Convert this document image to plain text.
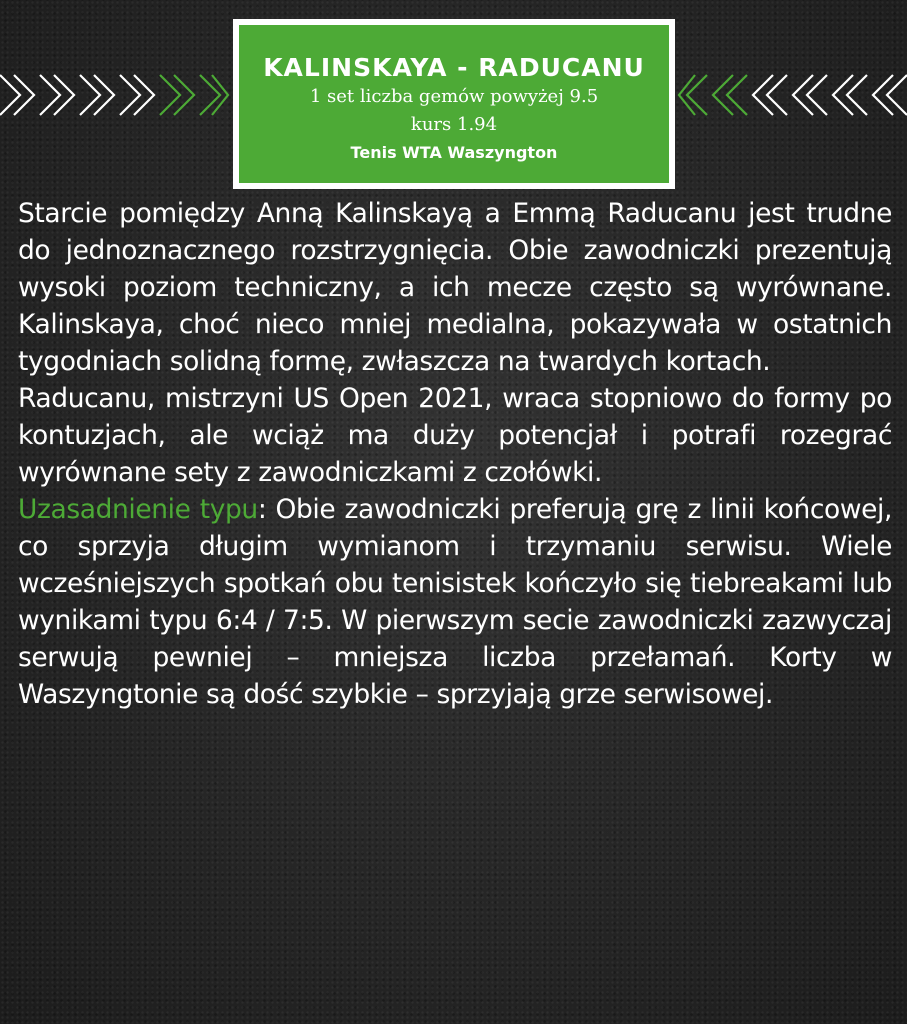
KALINSKAYA - RADUCANU
1 set liczba gemów powyżej 9.5
kurs 1.94
Tenis WTA Waszyngton

Starcie pomiędzy Anną Kalinskayą a Emmą Raducanu jest trudne do jednoznacznego rozstrzygnięcia. Obie zawodniczki prezentują wysoki poziom techniczny, a ich mecze często są wyrównane. Kalinskaya, choć nieco mniej medialna, pokazywała w ostatnich tygodniach solidną formę, zwłaszcza na twardych kortach.

Raducanu, mistrzyni US Open 2021, wraca stopniowo do formy po kontuzjach, ale wciąż ma duży potencjał i potrafi rozegrać wyrównane sety z zawodniczkami z czołówki.

Uzasadnienie typu: Obie zawodniczki preferują grę z linii końcowej, co sprzyja długim wymianom i trzymaniu serwisu. Wiele wcześniejszych spotkań obu tenisistek kończyło się tiebreakami lub wynikami typu 6:4 / 7:5. W pierwszym secie zawodniczki zazwyczaj serwują pewniej – mniejsza liczba przełamań. Korty w Waszyngtonie są dość szybkie – sprzyjają grze serwisowej.
